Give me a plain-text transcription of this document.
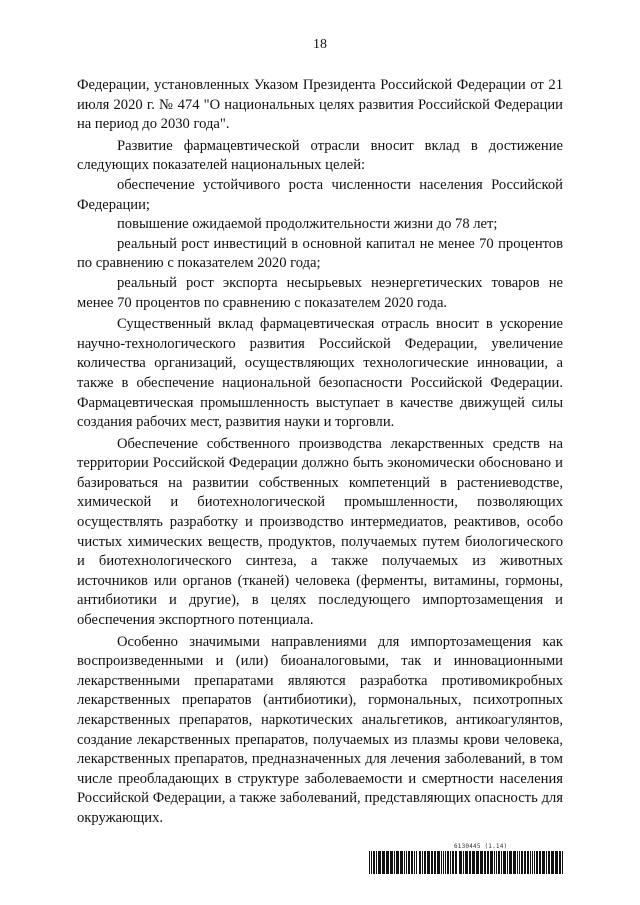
18

Федерации, установленных Указом Президента Российской Федерации от 21 июля 2020 г. № 474 "О национальных целях развития Российской Федерации на период до 2030 года".

Развитие фармацевтической отрасли вносит вклад в достижение следующих показателей национальных целей:

обеспечение устойчивого роста численности населения Российской Федерации;

повышение ожидаемой продолжительности жизни до 78 лет;

реальный рост инвестиций в основной капитал не менее 70 процентов по сравнению с показателем 2020 года;

реальный рост экспорта несырьевых неэнергетических товаров не менее 70 процентов по сравнению с показателем 2020 года.

Существенный вклад фармацевтическая отрасль вносит в ускорение научно-технологического развития Российской Федерации, увеличение количества организаций, осуществляющих технологические инновации, а также в обеспечение национальной безопасности Российской Федерации. Фармацевтическая промышленность выступает в качестве движущей силы создания рабочих мест, развития науки и торговли.

Обеспечение собственного производства лекарственных средств на территории Российской Федерации должно быть экономически обосновано и базироваться на развитии собственных компетенций в растениеводстве, химической и биотехнологической промышленности, позволяющих осуществлять разработку и производство интермедиатов, реактивов, особо чистых химических веществ, продуктов, получаемых путем биологического и биотехнологического синтеза, а также получаемых из животных источников или органов (тканей) человека (ферменты, витамины, гормоны, антибиотики и другие), в целях последующего импортозамещения и обеспечения экспортного потенциала.

Особенно значимыми направлениями для импортозамещения как воспроизведенными и (или) биоаналоговыми, так и инновационными лекарственными препаратами являются разработка противомикробных лекарственных препаратов (антибиотики), гормональных, психотропных лекарственных препаратов, наркотических анальгетиков, антикоагулянтов, создание лекарственных препаратов, получаемых из плазмы крови человека, лекарственных препаратов, предназначенных для лечения заболеваний, в том числе преобладающих в структуре заболеваемости и смертности населения Российской Федерации, а также заболеваний, представляющих опасность для окружающих.

6130445 (1.14)
